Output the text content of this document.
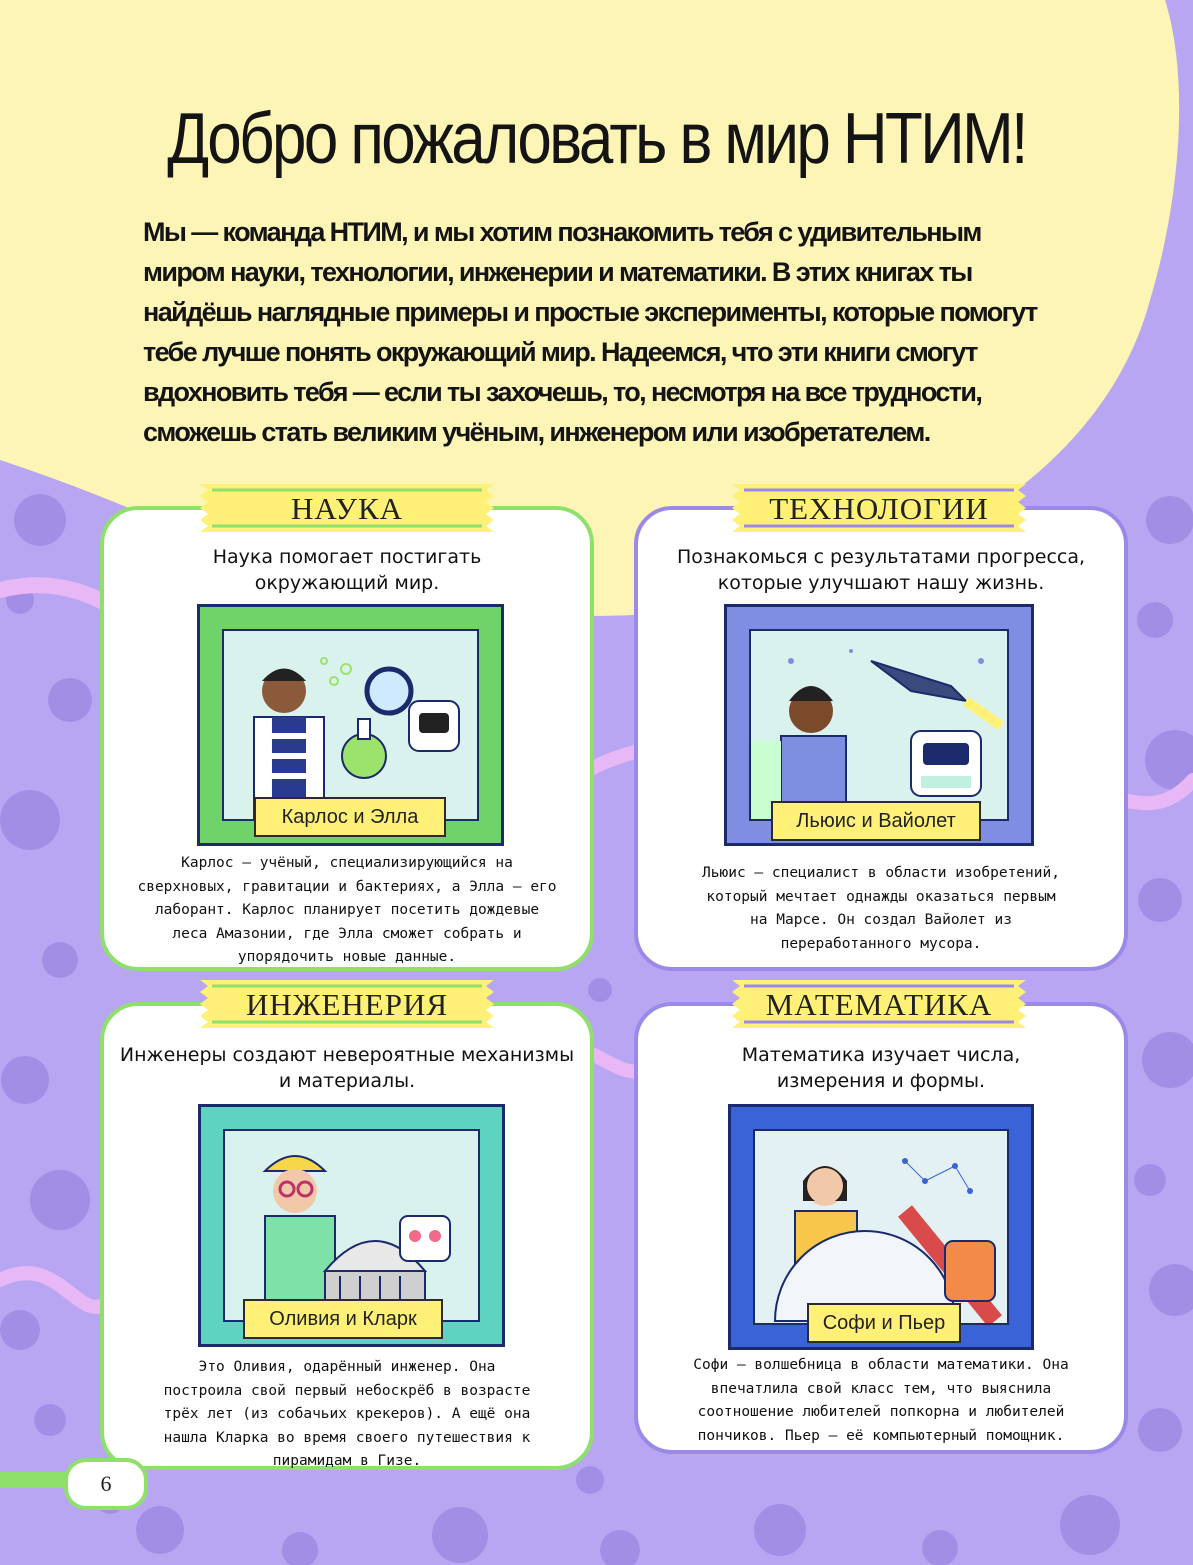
Добро пожаловать в мир НТИМ!

Мы — команда НТИМ, и мы хотим познакомить тебя с удивительным миром науки, технологии, инженерии и математики. В этих книгах ты найдёшь наглядные примеры и простые эксперименты, которые помогут тебе лучше понять окружающий мир. Надеемся, что эти книги смогут вдохновить тебя — если ты захочешь, то, несмотря на все трудности, сможешь стать великим учёным, инженером или изобретателем.

Наука помогает постигать
окружающий мир.

Карлос и Элла

Карлос — учёный, специализирующийся на
сверхновых, гравитации и бактериях, а Элла — его
лаборант. Карлос планирует посетить дождевые
леса Амазонии, где Элла сможет собрать и
упорядочить новые данные.

НАУКА

Познакомься с результатами прогресса,
которые улучшают нашу жизнь.

Льюис и Вайолет

Льюис — специалист в области изобретений,
который мечтает однажды оказаться первым
на Марсе. Он создал Вайолет из
переработанного мусора.

ТЕХНОЛОГИИ

Инженеры создают невероятные механизмы
и материалы.

Оливия и Кларк

Это Оливия, одарённый инженер. Она
построила свой первый небоскрёб в возрасте
трёх лет (из собачьих крекеров). А ещё она
нашла Кларка во время своего путешествия к
пирамидам в Гизе.

ИНЖЕНЕРИЯ

Математика изучает числа,
измерения и формы.

Софи и Пьер

Софи — волшебница в области математики. Она
впечатлила свой класс тем, что выяснила
соотношение любителей попкорна и любителей
пончиков. Пьер — её компьютерный помощник.

МАТЕМАТИКА
6
